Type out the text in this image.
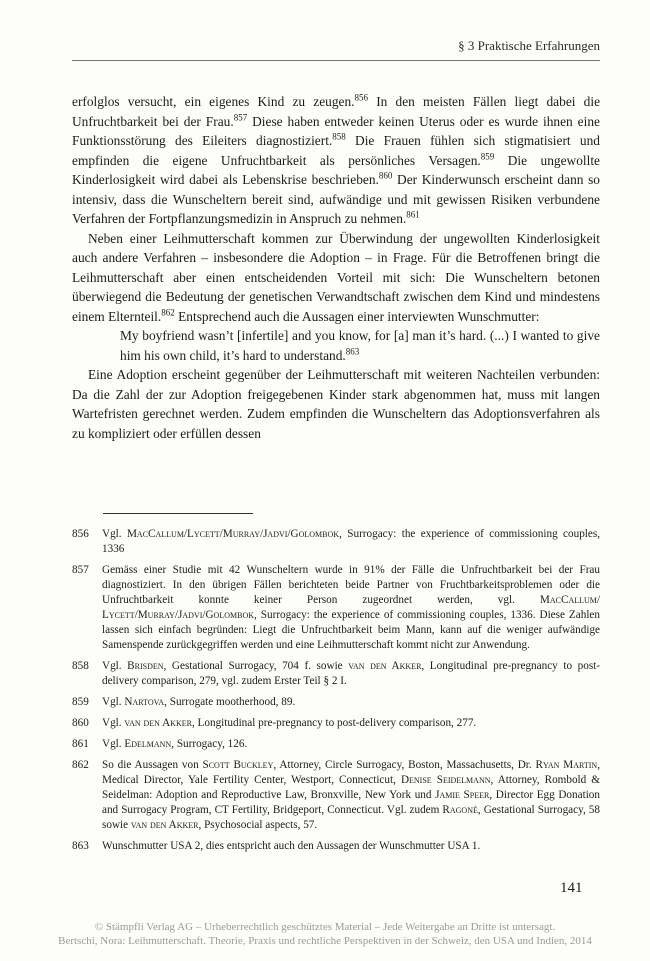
§ 3 Praktische Erfahrungen

erfolglos versucht, ein eigenes Kind zu zeugen.$^{856}$ In den meisten Fällen liegt dabei die Unfruchtbarkeit bei der Frau.$^{857}$ Diese haben entweder keinen Uterus oder es wurde ihnen eine Funktionsstörung des Eileiters diagnostiziert.$^{858}$ Die Frauen fühlen sich stigmatisiert und empfinden die eigene Unfruchtbarkeit als persönliches Versagen.$^{859}$ Die ungewollte Kinderlosigkeit wird dabei als Lebenskrise beschrieben.$^{860}$ Der Kinderwunsch erscheint dann so intensiv, dass die Wunscheltern bereit sind, aufwändige und mit gewissen Risiken verbundene Verfahren der Fortpflanzungsmedizin in Anspruch zu nehmen.$^{861}$

Neben einer Leihmutterschaft kommen zur Überwindung der ungewollten Kinderlosigkeit auch andere Verfahren – insbesondere die Adoption – in Frage. Für die Betroffenen bringt die Leihmutterschaft aber einen entscheidenden Vorteil mit sich: Die Wunscheltern betonen überwiegend die Bedeutung der genetischen Verwandtschaft zwischen dem Kind und mindestens einem Elternteil.$^{862}$ Entsprechend auch die Aussagen einer interviewten Wunschmutter:

My boyfriend wasn’t [infertile] and you know, for [a] man it’s hard. (...) I wanted to give him his own child, it’s hard to understand.$^{863}$

Eine Adoption erscheint gegenüber der Leihmutterschaft mit weiteren Nachteilen verbunden: Da die Zahl der zur Adoption freigegebenen Kinder stark abgenommen hat, muss mit langen Wartefristen gerechnet werden. Zudem empfinden die Wunscheltern das Adoptionsverfahren als zu kompliziert oder erfüllen dessen

856	Vgl. MacCallum/Lycett/Murray/Jadvi/Golombok, Surrogacy: the experience of commissioning couples, 1336
857	Gemäss einer Studie mit 42 Wunscheltern wurde in 91% der Fälle die Unfruchtbarkeit bei der Frau diagnostiziert. In den übrigen Fällen berichteten beide Partner von Fruchtbarkeitsproblemen oder die Unfruchtbarkeit konnte keiner Person zugeordnet werden, vgl. MacCallum/ Lycett/Murray/Jadvi/Golombok, Surrogacy: the experience of commissioning couples, 1336. Diese Zahlen lassen sich einfach begründen: Liegt die Unfruchtbarkeit beim Mann, kann auf die weniger aufwändige Samenspende zurückgegriffen werden und eine Leihmutterschaft kommt nicht zur Anwendung.
858	Vgl. Brisden, Gestational Surrogacy, 704 f. sowie van den Akker, Longitudinal pre-pregnancy to post-delivery comparison, 279, vgl. zudem Erster Teil § 2 I.
859	Vgl. Nartova, Surrogate mootherhood, 89.
860	Vgl. van den Akker, Longitudinal pre-pregnancy to post-delivery comparison, 277.
861	Vgl. Edelmann, Surrogacy, 126.
862	So die Aussagen von Scott Buckley, Attorney, Circle Surrogacy, Boston, Massachusetts, Dr. Ryan Martin, Medical Director, Yale Fertility Center, Westport, Connecticut, Denise Seidelmann, Attorney, Rombold & Seidelman: Adoption and Reproductive Law, Bronxville, New York und Jamie Speer, Director Egg Donation and Surrogacy Program, CT Fertility, Bridgeport, Connecticut. Vgl. zudem Ragoné, Gestational Surrogacy, 58 sowie van den Akker, Psychosocial aspects, 57.
863	Wunschmutter USA 2, dies entspricht auch den Aussagen der Wunschmutter USA 1.
141
© Stämpfli Verlag AG – Urheberrechtlich geschütztes Material – Jede Weitergabe an Dritte ist untersagt.
Bertschi, Nora: Leihmutterschaft. Theorie, Praxis und rechtliche Perspektiven in der Schweiz, den USA und Indien, 2014
